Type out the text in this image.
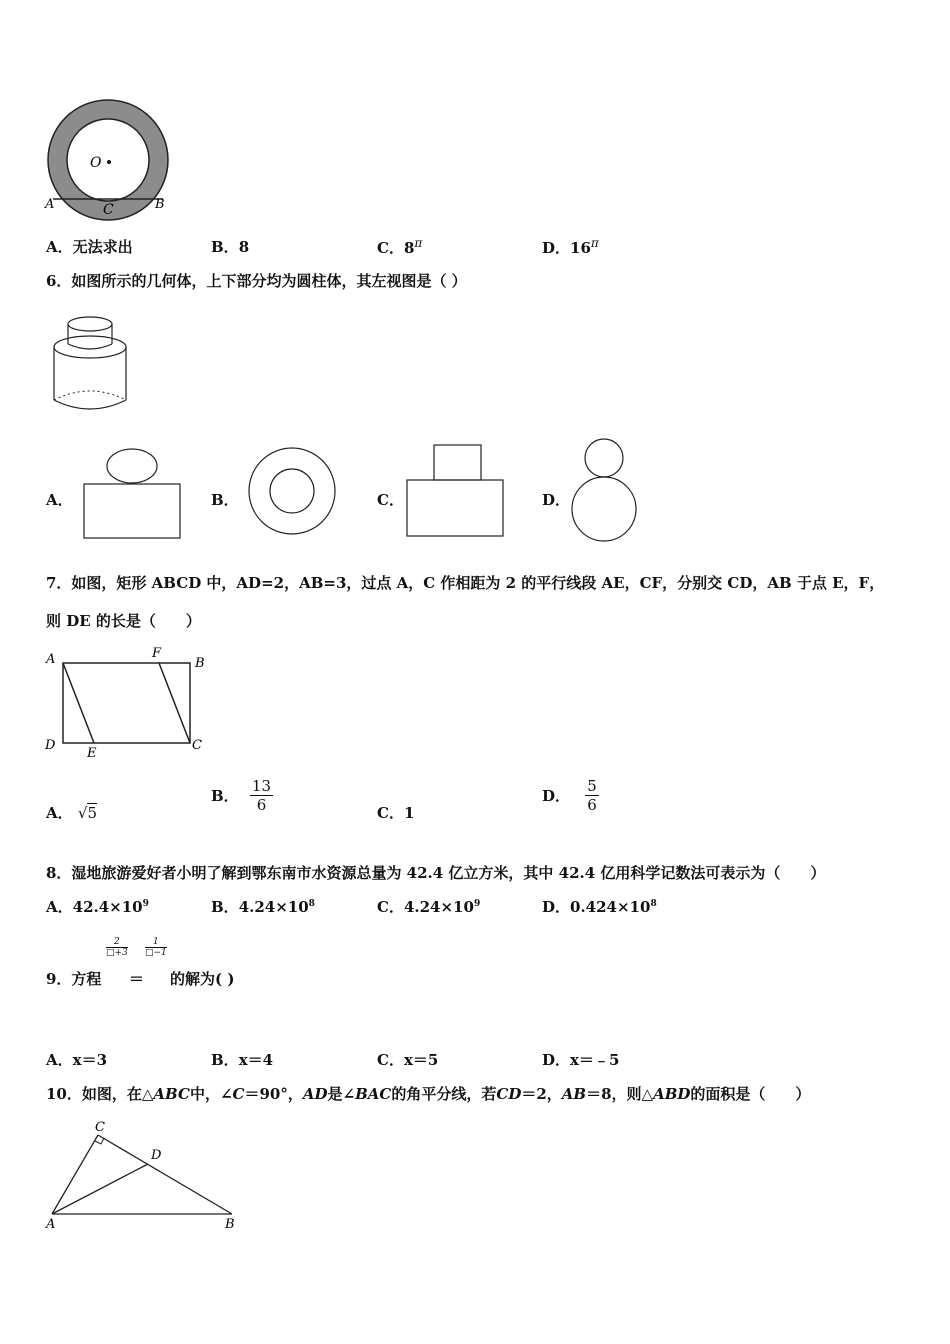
O
A	B
C
A．无法求出	B．8	C．$8^\pi$	D．$16^\pi$
6．如图所示的几何体，上下部分均为圆柱体，其左视图是（ ）
A．	B．	C．	D．
7．如图，矩形 ABCD 中，AD=2，AB=3，过点 A，C 作相距为 2 的平行线段 AE，CF，分别交 CD，AB 于点 E，F，
则 DE 的长是（　　）
A	F
B
D
E
C
A． √5
B． $\frac{13}{6}$	C．1
D． $\frac{5}{6}$
8．湿地旅游爱好者小明了解到鄂东南市水资源总量为 42.4 亿立方米，其中 42.4 亿用科学记数法可表示为（　　）
A．$42.4\times 10^9$	B．$4.24\times 10^8$	C．$4.24\times 10^9$	D．$0.424\times 10^8$
$\frac{2}{□+3} \frac{1}{□-1}$
9．方程 ＝ 的解为( )
A．x＝3	B．x＝4	C．x＝5	D．x＝﹣5
10．如图，在△ABC中，∠C＝90°，AD是∠BAC的角平分线，若CD＝2，AB＝8，则△ABD的面积是（　　）
C
D
A	B
